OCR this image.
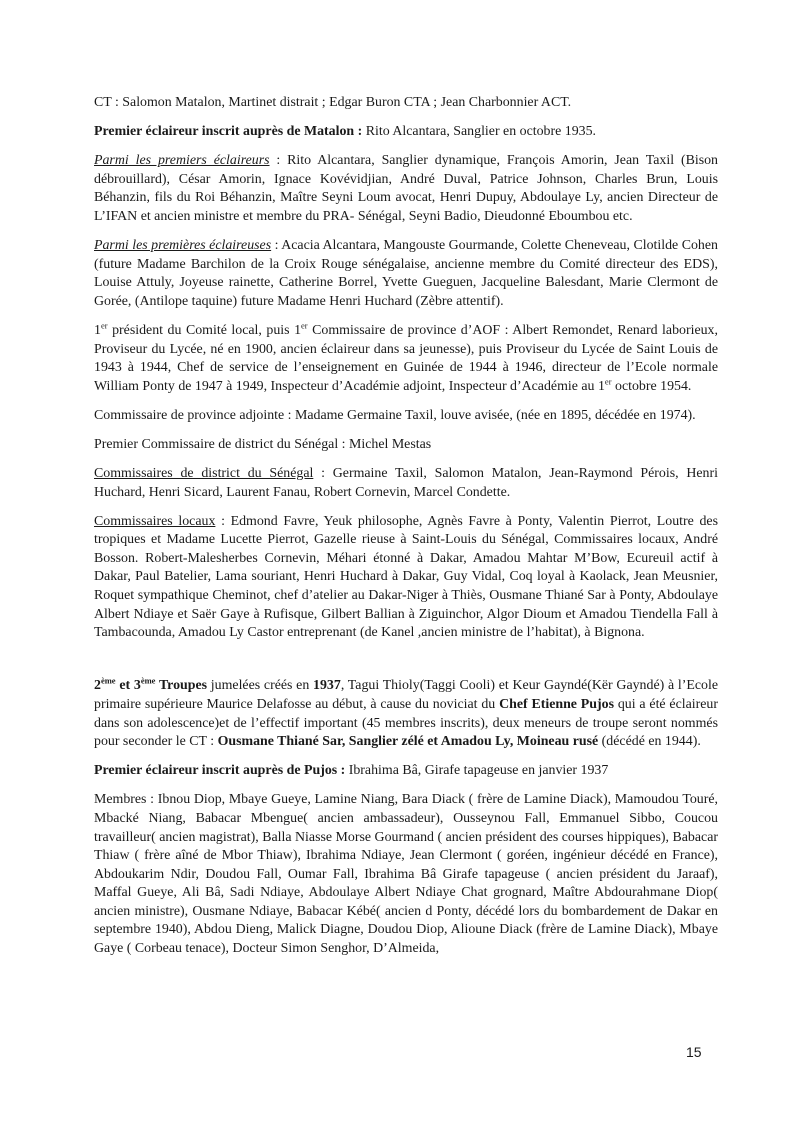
CT : Salomon Matalon, Martinet distrait ; Edgar Buron CTA ; Jean Charbonnier ACT.

Premier éclaireur inscrit auprès de Matalon : Rito Alcantara, Sanglier en octobre 1935.

Parmi les premiers éclaireurs : Rito Alcantara, Sanglier dynamique, François Amorin, Jean Taxil (Bison débrouillard), César Amorin, Ignace Kovévidjian, André Duval, Patrice Johnson, Charles Brun, Louis Béhanzin, fils du Roi Béhanzin, Maître Seyni Loum avocat, Henri Dupuy, Abdoulaye Ly, ancien Directeur de L’IFAN et ancien ministre et membre du PRA- Sénégal, Seyni Badio, Dieudonné Eboumbou etc.

Parmi les premières éclaireuses : Acacia Alcantara, Mangouste Gourmande, Colette Cheneveau, Clotilde Cohen (future Madame Barchilon de la Croix Rouge sénégalaise, ancienne membre du Comité directeur des EDS), Louise Attuly, Joyeuse rainette, Catherine Borrel, Yvette Gueguen, Jacqueline Balesdant, Marie Clermont de Gorée, (Antilope taquine) future Madame Henri Huchard (Zèbre attentif).

1er président du Comité local, puis 1er Commissaire de province d’AOF : Albert Remondet, Renard laborieux, Proviseur du Lycée, né en 1900, ancien éclaireur dans sa jeunesse), puis Proviseur du Lycée de Saint Louis de 1943 à 1944, Chef de service de l’enseignement en Guinée de 1944 à 1946, directeur de l’Ecole normale William Ponty de 1947 à 1949, Inspecteur d’Académie adjoint, Inspecteur d’Académie au 1er octobre 1954.

Commissaire de province adjointe : Madame Germaine Taxil, louve avisée, (née en 1895, décédée en 1974).

Premier Commissaire de district du Sénégal : Michel Mestas

Commissaires de district du Sénégal : Germaine Taxil, Salomon Matalon, Jean-Raymond Pérois, Henri Huchard, Henri Sicard, Laurent Fanau, Robert Cornevin, Marcel Condette.

Commissaires locaux : Edmond Favre, Yeuk philosophe, Agnès Favre à Ponty, Valentin Pierrot, Loutre des tropiques et Madame Lucette Pierrot, Gazelle rieuse à Saint-Louis du Sénégal, Commissaires locaux, André Bosson. Robert-Malesherbes Cornevin, Méhari étonné à Dakar, Amadou Mahtar M’Bow, Ecureuil actif à Dakar, Paul Batelier, Lama souriant, Henri Huchard à Dakar, Guy Vidal, Coq loyal à Kaolack, Jean Meusnier, Roquet sympathique Cheminot, chef d’atelier au Dakar-Niger à Thiès, Ousmane Thiané Sar à Ponty, Abdoulaye Albert Ndiaye et Saër Gaye à Rufisque, Gilbert Ballian à Ziguinchor, Algor Dioum et Amadou Tiendella Fall à Tambacounda, Amadou Ly Castor entreprenant (de Kanel ,ancien ministre de l’habitat), à Bignona.

2ème et 3ème Troupes jumelées créés en 1937, Tagui Thioly(Taggi Cooli) et Keur Gayndé(Kër Gayndé) à l’Ecole primaire supérieure Maurice Delafosse au début, à cause du noviciat du Chef Etienne Pujos qui a été éclaireur dans son adolescence)et de l’effectif important (45 membres inscrits), deux meneurs de troupe seront nommés pour seconder le CT : Ousmane Thiané Sar, Sanglier zélé et Amadou Ly, Moineau rusé (décédé en 1944).

Premier éclaireur inscrit auprès de Pujos : Ibrahima Bâ, Girafe tapageuse en janvier 1937

Membres : Ibnou Diop, Mbaye Gueye, Lamine Niang, Bara Diack ( frère de Lamine Diack), Mamoudou Touré, Mbacké Niang, Babacar Mbengue( ancien ambassadeur), Ousseynou Fall, Emmanuel Sibbo, Coucou travailleur( ancien magistrat), Balla Niasse Morse Gourmand ( ancien président des courses hippiques), Babacar Thiaw ( frère aîné de Mbor Thiaw), Ibrahima Ndiaye, Jean Clermont ( goréen, ingénieur décédé en France), Abdoukarim Ndir, Doudou Fall, Oumar Fall, Ibrahima Bâ Girafe tapageuse ( ancien président du Jaraaf), Maffal Gueye, Ali Bâ, Sadi Ndiaye, Abdoulaye Albert Ndiaye Chat grognard, Maître Abdourahmane Diop( ancien ministre), Ousmane Ndiaye, Babacar Kébé( ancien d Ponty, décédé lors du bombardement de Dakar en septembre 1940), Abdou Dieng, Malick Diagne, Doudou Diop, Alioune Diack (frère de Lamine Diack), Mbaye Gaye ( Corbeau tenace), Docteur Simon Senghor, D’Almeida,

15
